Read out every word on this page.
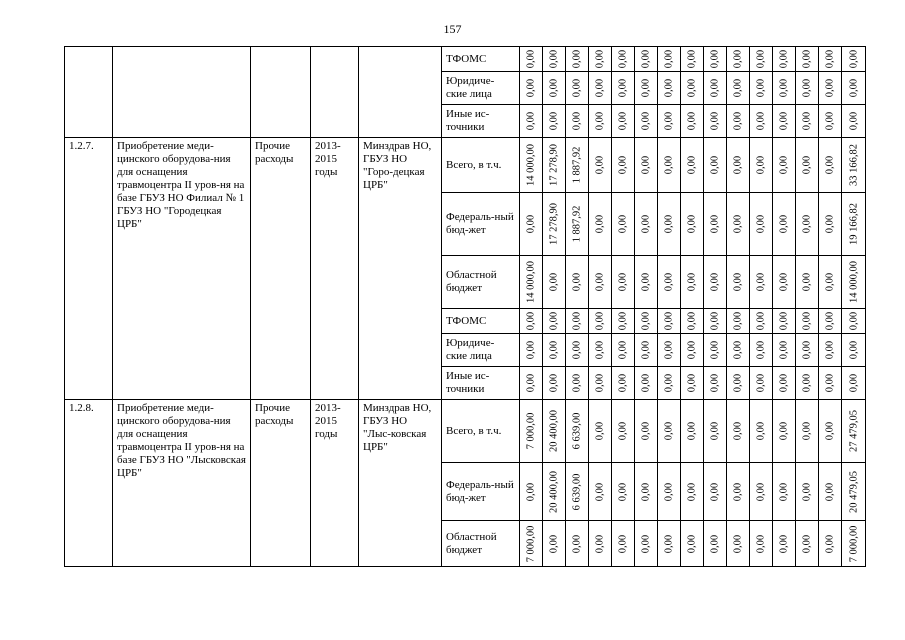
157
					ТФОМС	0,00	0,00	0,00	0,00	0,00	0,00	0,00	0,00	0,00	0,00	0,00	0,00	0,00	0,00	0,00

					Юридиче-ские лица	0,00	0,00	0,00	0,00	0,00	0,00	0,00	0,00	0,00	0,00	0,00	0,00	0,00	0,00	0,00

					Иные ис-точники	0,00	0,00	0,00	0,00	0,00	0,00	0,00	0,00	0,00	0,00	0,00	0,00	0,00	0,00	0,00

1.2.7.	Приобретение меди-цинского оборудова-ния для оснащения травмоцентра II уров-ня на базе ГБУЗ НО Филиал № 1 ГБУЗ НО "Городецкая ЦРБ"	Прочие расходы	2013-2015 годы	Минздрав НО, ГБУЗ НО "Горо-децкая ЦРБ"	Всего, в т.ч.	14 000,00	17 278,90	1 887,92	0,00	0,00	0,00	0,00	0,00	0,00	0,00	0,00	0,00	0,00	0,00	33 166,82

					Федераль-ный бюд-жет	0,00	17 278,90	1 887,92	0,00	0,00	0,00	0,00	0,00	0,00	0,00	0,00	0,00	0,00	0,00	19 166,82

					Областной бюджет	14 000,00	0,00	0,00	0,00	0,00	0,00	0,00	0,00	0,00	0,00	0,00	0,00	0,00	0,00	14 000,00

					ТФОМС	0,00	0,00	0,00	0,00	0,00	0,00	0,00	0,00	0,00	0,00	0,00	0,00	0,00	0,00	0,00

					Юридиче-ские лица	0,00	0,00	0,00	0,00	0,00	0,00	0,00	0,00	0,00	0,00	0,00	0,00	0,00	0,00	0,00

					Иные ис-точники	0,00	0,00	0,00	0,00	0,00	0,00	0,00	0,00	0,00	0,00	0,00	0,00	0,00	0,00	0,00

1.2.8.	Приобретение меди-цинского оборудова-ния для оснащения травмоцентра II уров-ня на базе ГБУЗ НО "Лысковская ЦРБ"	Прочие расходы	2013-2015 годы	Минздрав НО, ГБУЗ НО "Лыс-ковская ЦРБ"	Всего, в т.ч.	7 000,00	20 400,00	6 639,00	0,00	0,00	0,00	0,00	0,00	0,00	0,00	0,00	0,00	0,00	0,00	27 479,05

					Федераль-ный бюд-жет	0,00	20 400,00	6 639,00	0,00	0,00	0,00	0,00	0,00	0,00	0,00	0,00	0,00	0,00	0,00	20 479,05

					Областной бюджет	7 000,00	0,00	0,00	0,00	0,00	0,00	0,00	0,00	0,00	0,00	0,00	0,00	0,00	0,00	7 000,00
